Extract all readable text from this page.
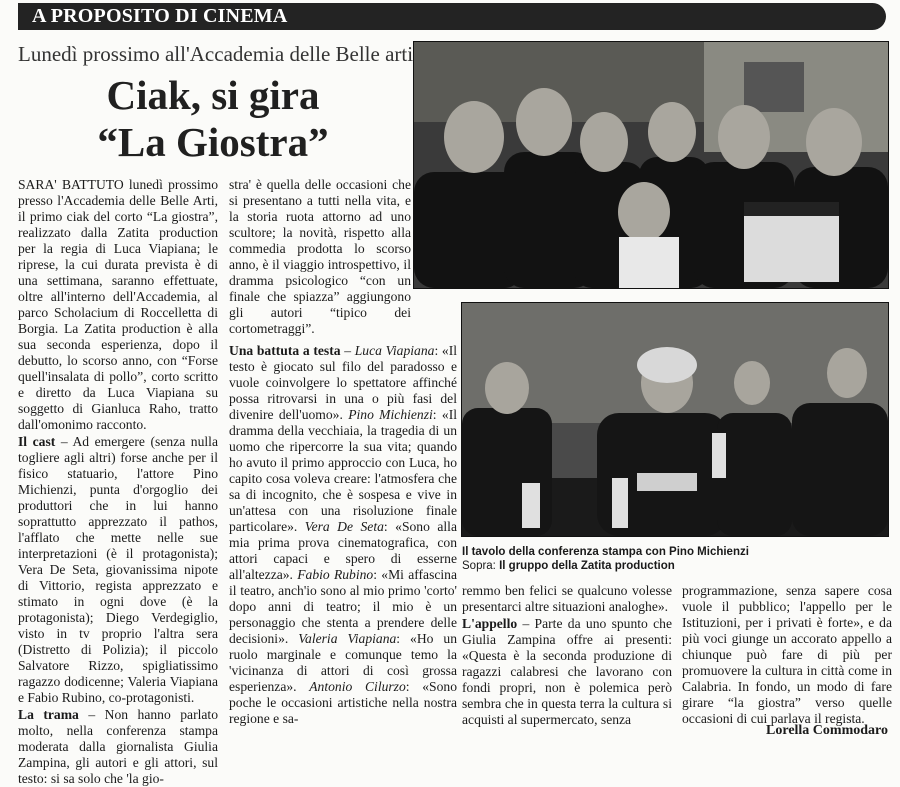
A PROPOSITO DI CINEMA
Lunedì prossimo all'Accademia delle Belle arti
Ciak, si gira
“La Giostra”

SARA' BATTUTO lunedì prossimo presso l'Accademia delle Belle Arti, il primo ciak del corto “La giostra”, realizzato dalla Zatita production per la regia di Luca Viapiana; le riprese, la cui durata prevista è di una settimana, saranno effettuate, oltre all'interno dell'Accademia, al parco Scholacium di Roccelletta di Borgia. La Zatita production è alla sua seconda esperienza, dopo il debutto, lo scorso anno, con “Forse quell'insalata di pollo”, corto scritto e diretto da Luca Viapiana su soggetto di Gianluca Raho, tratto dall'omonimo racconto.

Il cast – Ad emergere (senza nulla togliere agli altri) forse anche per il fisico statuario, l'attore Pino Michienzi, punta d'orgoglio dei produttori che in lui hanno soprattutto apprezzato il pathos, l'afflato che mette nelle sue interpretazioni (è il protagonista); Vera De Seta, giovanissima nipote di Vittorio, regista apprezzato e stimato in ogni dove (è la protagonista); Diego Verdegiglio, visto in tv proprio l'altra sera (Distretto di Polizia); il piccolo Salvatore Rizzo, spigliatissimo ragazzo dodicenne; Valeria Viapiana e Fabio Rubino, co-protagonisti.

La trama – Non hanno parlato molto, nella conferenza stampa moderata dalla giornalista Giulia Zampina, gli autori e gli attori, sul testo: si sa solo che 'la gio-

stra' è quella delle occasioni che si presentano a tutti nella vita, e la storia ruota attorno ad uno scultore; la novità, rispetto alla commedia prodotta lo scorso anno, è il viaggio introspettivo, il dramma psicologico “con un finale che spiazza” aggiungono gli autori “tipico dei cortometraggi”.

Una battuta a testa – Luca Viapiana: «Il testo è giocato sul filo del paradosso e vuole coinvolgere lo spettatore affinché possa ritrovarsi in una o più fasi del divenire dell'uomo». Pino Michienzi: «Il dramma della vecchiaia, la tragedia di un uomo che ripercorre la sua vita; quando ho avuto il primo approccio con Luca, ho capito cosa voleva creare: l'atmosfera che sa di incognito, che è sospesa e vive in un'attesa con una risoluzione finale particolare». Vera De Seta: «Sono alla mia prima prova cinematografica, con attori capaci e spero di esserne all'altezza». Fabio Rubino: «Mi affascina il teatro, anch'io sono al mio primo 'corto' dopo anni di teatro; il mio è un personaggio che stenta a prendere delle decisioni». Valeria Viapiana: «Ho un ruolo marginale e comunque temo la 'vicinanza di attori di così grossa esperienza». Antonio Cilurzo: «Sono poche le occasioni artistiche nella nostra regione e sa-

Il tavolo della conferenza stampa con Pino Michienzi
Sopra: Il gruppo della Zatita production

remmo ben felici se qualcuno volesse presentarci altre situazioni analoghe».

L'appello – Parte da uno spunto che Giulia Zampina offre ai presenti: «Questa è la seconda produzione di ragazzi calabresi che lavorano con fondi propri, non è polemica però sembra che in questa terra la cultura si acquisti al supermercato, senza

programmazione, senza sapere cosa vuole il pubblico; l'appello per le Istituzioni, per i privati è forte», e da più voci giunge un accorato appello a chiunque può fare di più per promuovere la cultura in città come in Calabria. In fondo, un modo di fare girare “la giostra” verso quelle occasioni di cui parlava il regista.

Lorella Commodaro
